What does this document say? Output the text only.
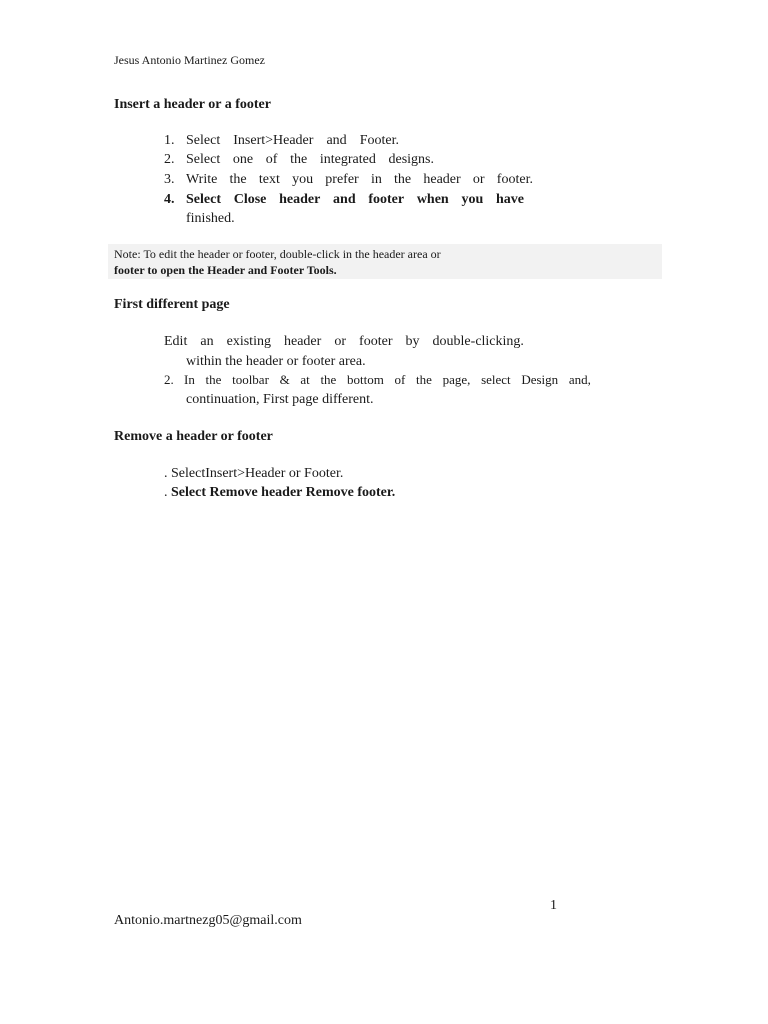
Jesus Antonio Martinez Gomez
Insert a header or a footer
1. Select Insert>Header and Footer.
2. Select one of the integrated designs.
3. Write the text you prefer in the header or footer.
4. Select Close header and footer when you have
finished.
Note: To edit the header or footer, double-click in the header area or
footer to open the Header and Footer Tools.
First different page
Edit an existing header or footer by double-clicking.
within the header or footer area.
2. In the toolbar & at the bottom of the page, select Design and,
continuation, First page different.
Remove a header or footer
. SelectInsert>Header or Footer.
. Select Remove header Remove footer.
1
Antonio.martnezg05@gmail.com
